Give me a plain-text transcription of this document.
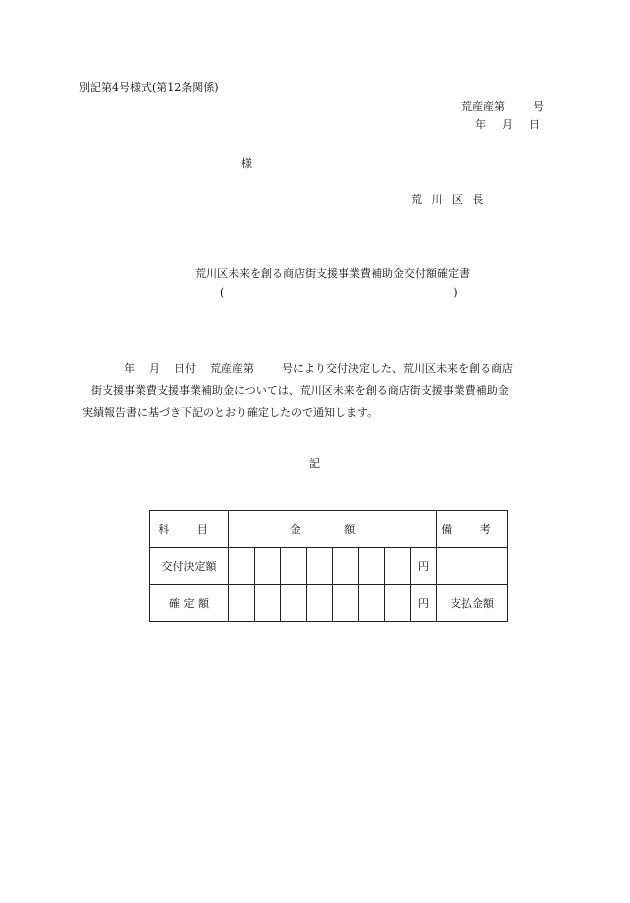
別記第4号様式(第12条関係)
荒産産第	号
年 月 日
様
荒 川 区 長
荒川区未来を創る商店街支援事業費補助金交付額確定書
(	)

年 月 日付 荒産産第	号により交付決定した、荒川区未来を創る商店

街支援事業費支援事業補助金については、荒川区未来を創る商店街支援事業費補助金

実績報告書に基づき下記のとおり確定したので通知します。

記
科 目	金 額								備 考
交付決定額								円	
確 定 額								円	支払金額
